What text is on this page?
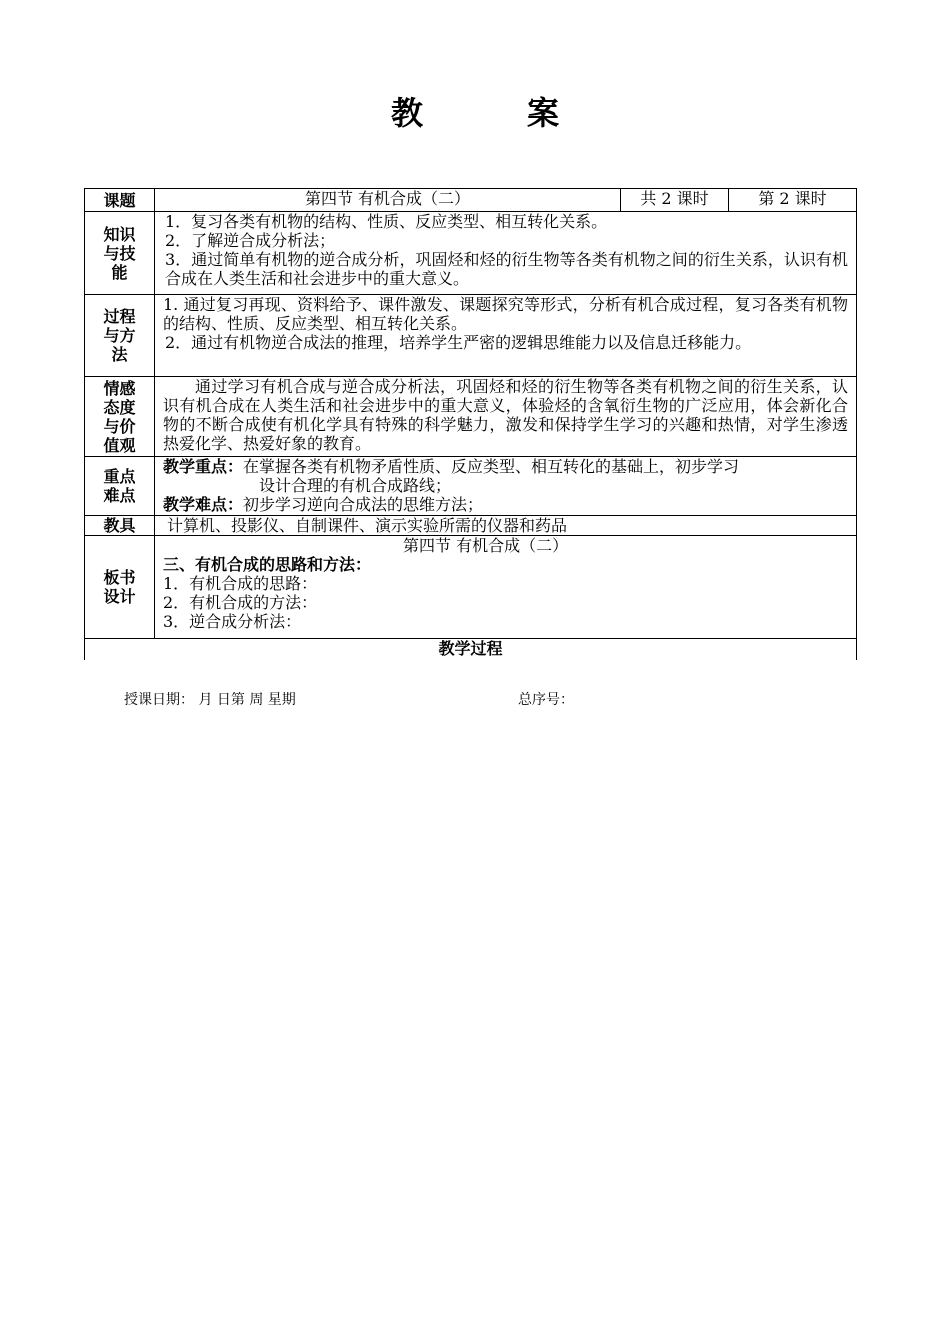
教　案
课题	第四节 有机合成（二）	共 2 课时	第 2 课时

知识与技能	1．复习各类有机物的结构、性质、反应类型、相互转化关系。
2．了解逆合成分析法；
3．通过简单有机物的逆合成分析，巩固烃和烃的衍生物等各类有机物之间的衍生关系，认识有机合成在人类生活和社会进步中的重大意义。		

过程与方法	1. 通过复习再现、资料给予、课件激发、课题探究等形式，分析有机合成过程，复习各类有机物的结构、性质、反应类型、相互转化关系。
2．通过有机物逆合成法的推理，培养学生严密的逻辑思维能力以及信息迁移能力。		

情感态度与价值观	通过学习有机合成与逆合成分析法，巩固烃和烃的衍生物等各类有机物之间的衍生关系，认识有机合成在人类生活和社会进步中的重大意义，体验烃的含氧衍生物的广泛应用，体会新化合物的不断合成使有机化学具有特殊的科学魅力，激发和保持学生学习的兴趣和热情，对学生渗透热爱化学、热爱好象的教育。		

重点难点	教学重点：在掌握各类有机物矛盾性质、反应类型、相互转化的基础上，初步学习
设计合理的有机合成路线；
教学难点：初步学习逆向合成法的思维方法；		

教具	计算机、投影仪、自制课件、演示实验所需的仪器和药品		

板书设计	第四节 有机合成（二）
三、有机合成的思路和方法：
1．有机合成的思路：
2．有机合成的方法：
3．逆合成分析法：		

教学过程			
授课日期： 月 日第 周 星期	总序号：
